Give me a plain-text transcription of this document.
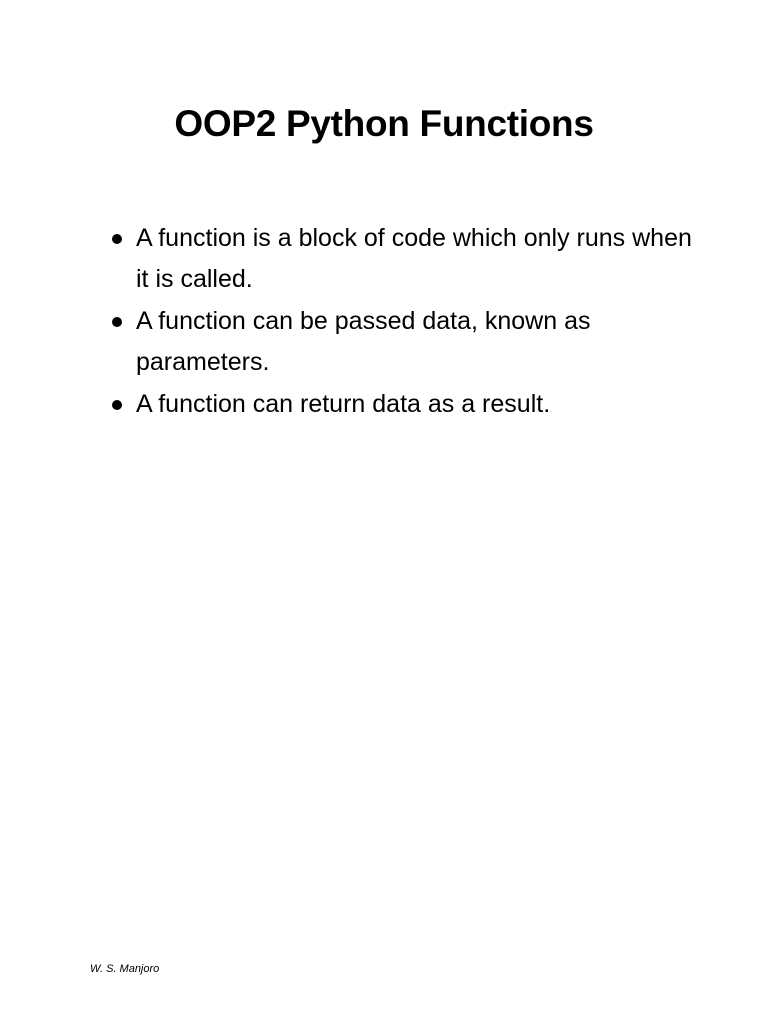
OOP2 Python Functions
A function is a block of code which only runs when it is called.
A function can be passed data, known as parameters.
A function can return data as a result.
W. S. Manjoro
